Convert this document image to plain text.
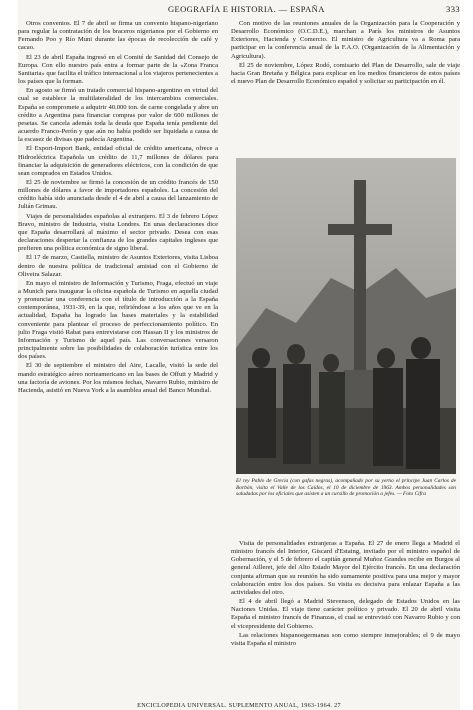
GEOGRAFÍA E HISTORIA. — ESPAÑA	333

Otros convenios. El 7 de abril se firma un convenio hispano-nigeriano para regular la contratación de los braceros nigerianos por el Gobierno en Fernando Poo y Río Muni durante las épocas de recolección de café y cacao.

El 23 de abril España ingresó en el Comité de Sanidad del Consejo de Europa. Con ello nuestro país entra a formar parte de la «Zona Franca Sanitaria» que facilita el tráfico internacional a los viajeros pertenecientes a los países que la forman.

En agosto se firmó un tratado comercial hispano-argentino en virtud del cual se establece la multilateralidad de los intercambios comerciales. España se compromete a adquirir 40.000 ton. de carne congelada y abre un crédito a Argentina para financiar compras por valor de 600 millones de pesetas. Se cancela además toda la deuda que España tenía pendiente del acuerdo Franco-Perón y que aún no había podido ser liquidada a causa de la escasez de divisas que padecía Argentina.

El Export-Import Bank, entidad oficial de crédito americana, ofrece a Hidroeléctrica Española un crédito de 11,7 millones de dólares para financiar la adquisición de generadores eléctricos, con la condición de que sean comprados en Estados Unidos.

El 25 de noviembre se firmó la concesión de un crédito francés de 150 millones de dólares a favor de importadores españoles. La concesión del crédito había sido anunciada desde el 4 de abril a causa del lanzamiento de Julián Grimau.

Viajes de personalidades españolas al extranjero. El 3 de febrero López Bravo, ministro de Industria, visita Londres. En unas declaraciones dice que España desarrollará al máximo el sector privado. Desea con esas declaraciones despertar la confianza de los grandes capitales ingleses que prefieren una política económica de signo liberal.

El 17 de marzo, Castiella, ministro de Asuntos Exteriores, visita Lisboa dentro de nuestra política de tradicional amistad con el Gobierno de Oliveira Salazar.

En mayo el ministro de Información y Turismo, Fraga, efectuó un viaje a Munich para inaugurar la oficina española de Turismo en aquella ciudad y pronunciar una conferencia con el título de introducción a la España contemporánea, 1931-39, en la que, refiriéndose a los años que ve en la actualidad, España ha logrado las bases materiales y la estabilidad conveniente para plantear el proceso de perfeccionamiento político. En julio Fraga visitó Rabat para entrevistarse con Hassan II y los ministros de Información y Turismo de aquel país. Las conversaciones versaron principalmente sobre las posibilidades de colaboración turística entre los dos países.

El 30 de septiembre el ministro del Aire, Lacalle, visitó la sede del mando estratégico aéreo norteamericano en las bases de Offutt y Madrid y una factoría de aviones. Por los mismos fechas, Navarro Rubio, ministro de Hacienda, asistió en Nueva York a la asamblea anual del Banco Mundial.

Con motivo de las reuniones anuales de la Organización para la Cooperación y Desarrollo Económico (O.C.D.E.), marchan a París los ministros de Asuntos Exteriores, Hacienda y Comercio. El ministro de Agricultura va a Roma para participar en la conferencia anual de la F.A.O. (Organización de la Alimentación y Agricultura).

El 25 de noviembre, López Rodó, comisario del Plan de Desarrollo, sale de viaje hacia Gran Bretaña y Bélgica para explicar en los medios financieros de estos países el nuevo Plan de Desarrollo Económico español y solicitar su participación en él.

El rey Pablo de Grecia (con gafas negras), acompañado por su yerno el príncipe Juan Carlos de Borbón, visita el Valle de los Caídos, el 10 de diciembre de 1963. Ambos personalidades son saludadas por los oficiales que asisten a un cursillo de promoción a jefes. — Foto Cifra

Visita de personalidades extranjeras a España. El 27 de enero llega a Madrid el ministro francés del Interior, Giscard d'Estaing, invitado por el ministro español de Gobernación, y el 5 de febrero el capitán general Muñoz Grandes recibe en Burgos al general Ailleret, jefe del Alto Estado Mayor del Ejército francés. En una declaración conjunta afirman que su reunión ha sido sumamente positiva para una mejor y mayor colaboración entre los dos países. Su visita es decisiva para enlazar España a las actividades del otro.

El 4 de abril llegó a Madrid Stevenson, delegado de Estados Unidos en las Naciones Unidas. El viaje tiene carácter político y privado. El 20 de abril visita España el ministro francés de Finanzas, el cual se entrevistó con Navarro Rubio y con el vicepresidente del Gobierno.

Las relaciones hispanoegermanas son como siempre inmejorables; el 9 de mayo visita España el ministro

ENCICLOPEDIA UNIVERSAL. SUPLEMENTO ANUAL, 1963-1964. 27
